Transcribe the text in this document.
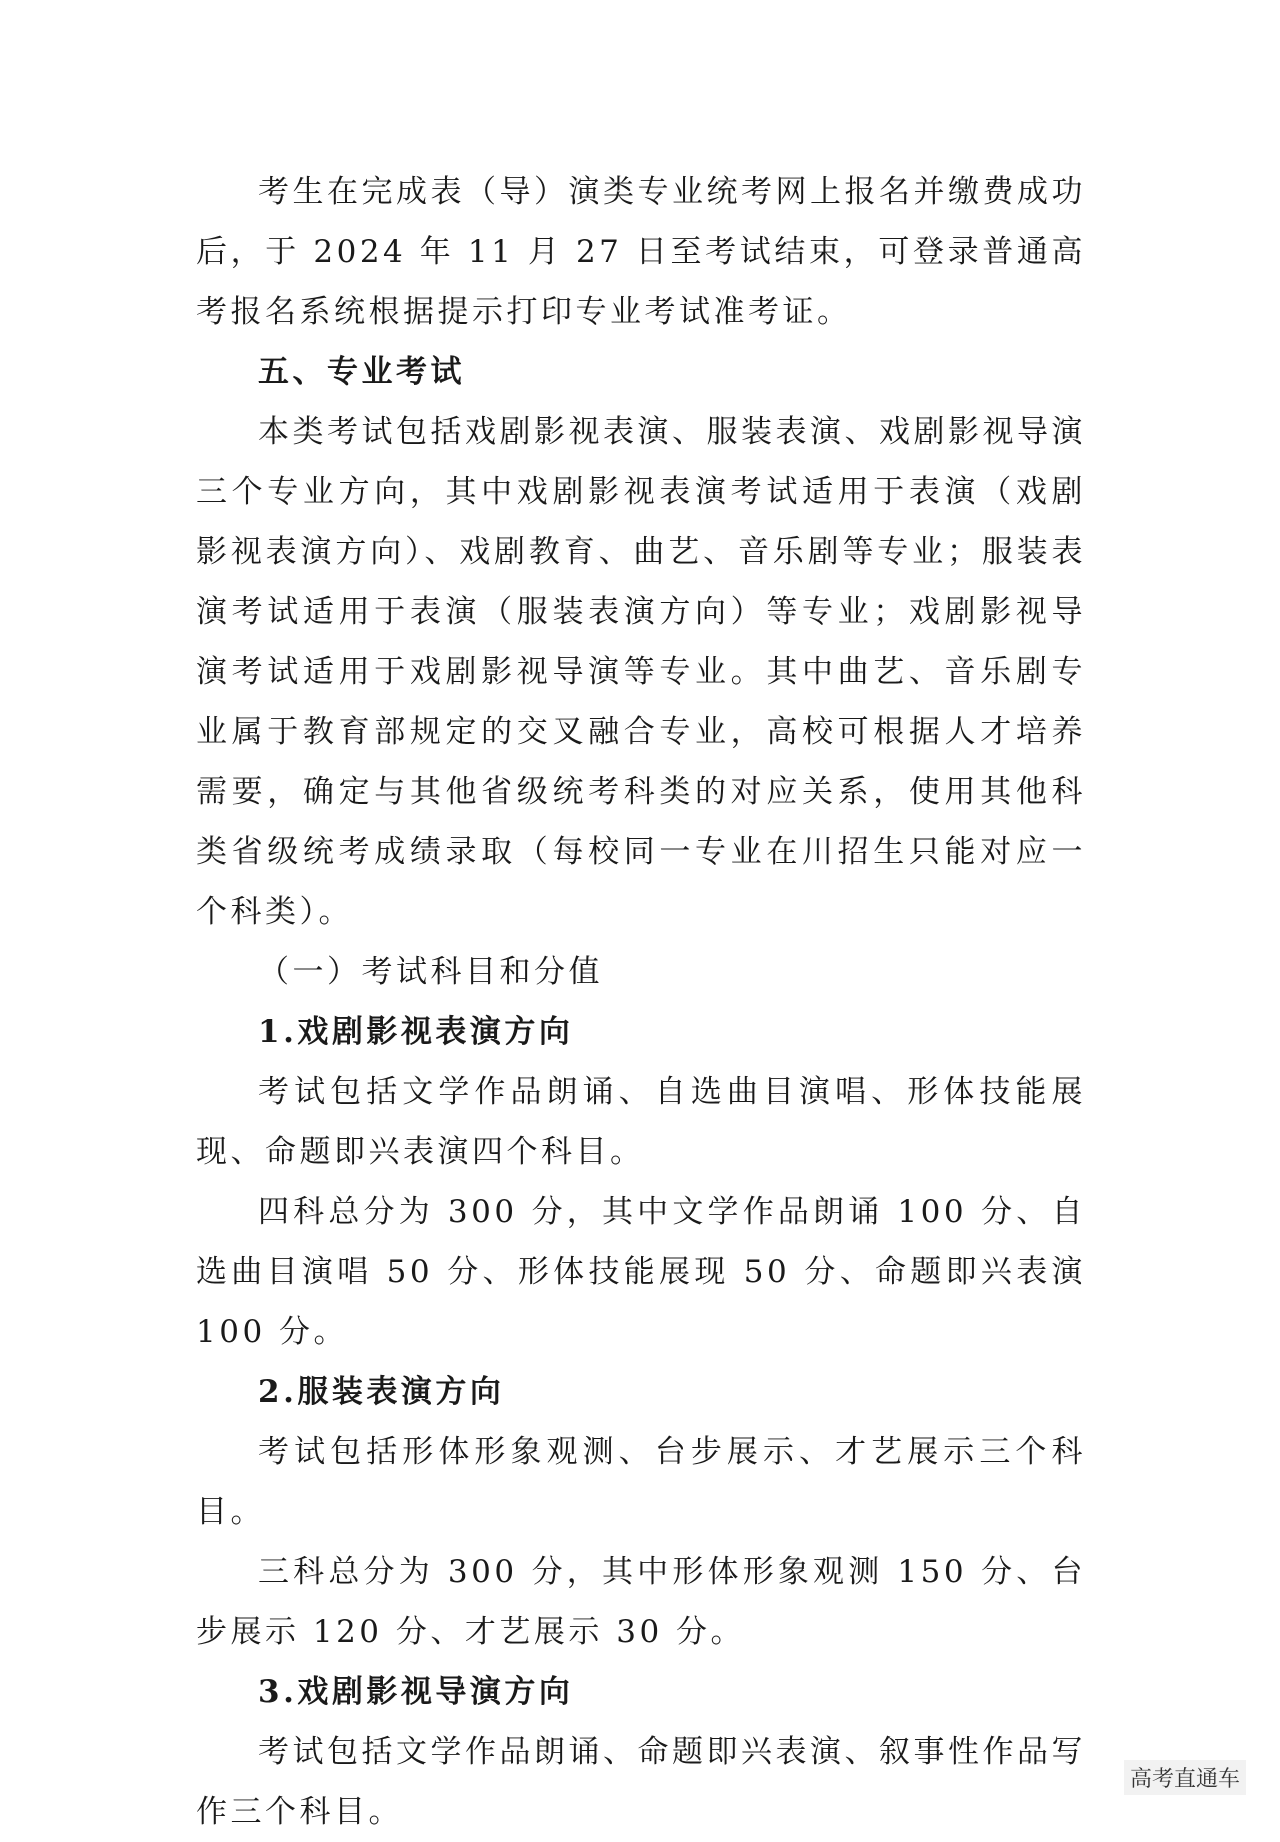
考生在完成表（导）演类专业统考网上报名并缴费成功后，于 2024 年 11 月 27 日至考试结束，可登录普通高考报名系统根据提示打印专业考试准考证。

五、专业考试

本类考试包括戏剧影视表演、服装表演、戏剧影视导演三个专业方向，其中戏剧影视表演考试适用于表演（戏剧影视表演方向）、戏剧教育、曲艺、音乐剧等专业；服装表演考试适用于表演（服装表演方向）等专业；戏剧影视导演考试适用于戏剧影视导演等专业。其中曲艺、音乐剧专业属于教育部规定的交叉融合专业，高校可根据人才培养需要，确定与其他省级统考科类的对应关系，使用其他科类省级统考成绩录取（每校同一专业在川招生只能对应一个科类）。

（一）考试科目和分值

1.戏剧影视表演方向

考试包括文学作品朗诵、自选曲目演唱、形体技能展现、命题即兴表演四个科目。

四科总分为 300 分，其中文学作品朗诵 100 分、自选曲目演唱 50 分、形体技能展现 50 分、命题即兴表演 100 分。

2.服装表演方向

考试包括形体形象观测、台步展示、才艺展示三个科目。

三科总分为 300 分，其中形体形象观测 150 分、台步展示 120 分、才艺展示 30 分。

3.戏剧影视导演方向

考试包括文学作品朗诵、命题即兴表演、叙事性作品写作三个科目。

高考直通车
